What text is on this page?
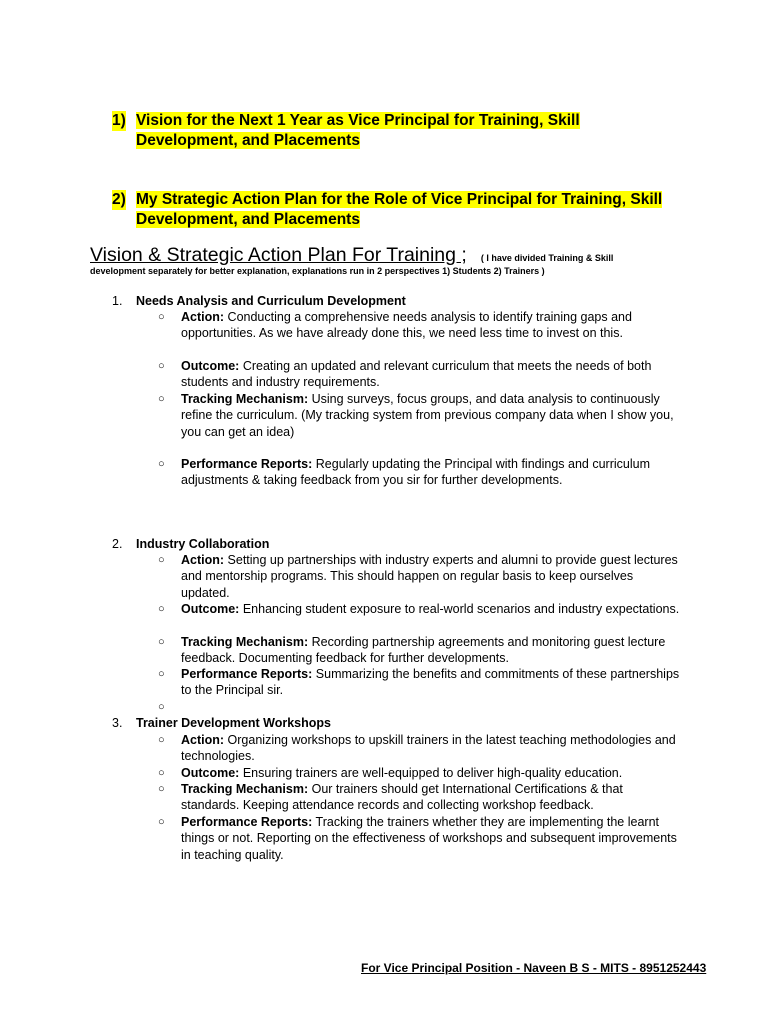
1) Vision for the Next 1 Year as Vice Principal for Training, Skill Development, and Placements
2) My Strategic Action Plan for the Role of Vice Principal for Training, Skill Development, and Placements
Vision & Strategic Action Plan For Training ; ( I have divided Training & Skill
development separately for better explanation, explanations run in 2 perspectives 1) Students 2) Trainers )
1. Needs Analysis and Curriculum Development
○ Action: Conducting a comprehensive needs analysis to identify training gaps and opportunities. As we have already done this, we need less time to invest on this.
○ Outcome: Creating an updated and relevant curriculum that meets the needs of both students and industry requirements.
○ Tracking Mechanism: Using surveys, focus groups, and data analysis to continuously refine the curriculum. (My tracking system from previous company data when I show you, you can get an idea)
○ Performance Reports: Regularly updating the Principal with findings and curriculum adjustments & taking feedback from you sir for further developments.
2. Industry Collaboration
○ Action: Setting up partnerships with industry experts and alumni to provide guest lectures and mentorship programs. This should happen on regular basis to keep ourselves updated.
○ Outcome: Enhancing student exposure to real-world scenarios and industry expectations.
○ Tracking Mechanism: Recording partnership agreements and monitoring guest lecture feedback. Documenting feedback for further developments.
○ Performance Reports: Summarizing the benefits and commitments of these partnerships to the Principal sir.
○
3. Trainer Development Workshops
○ Action: Organizing workshops to upskill trainers in the latest teaching methodologies and technologies.
○ Outcome: Ensuring trainers are well-equipped to deliver high-quality education.
○ Tracking Mechanism: Our trainers should get International Certifications & that standards. Keeping attendance records and collecting workshop feedback.
○ Performance Reports: Tracking the trainers whether they are implementing the learnt things or not. Reporting on the effectiveness of workshops and subsequent improvements in teaching quality.
For Vice Principal Position - Naveen B S - MITS - 8951252443
